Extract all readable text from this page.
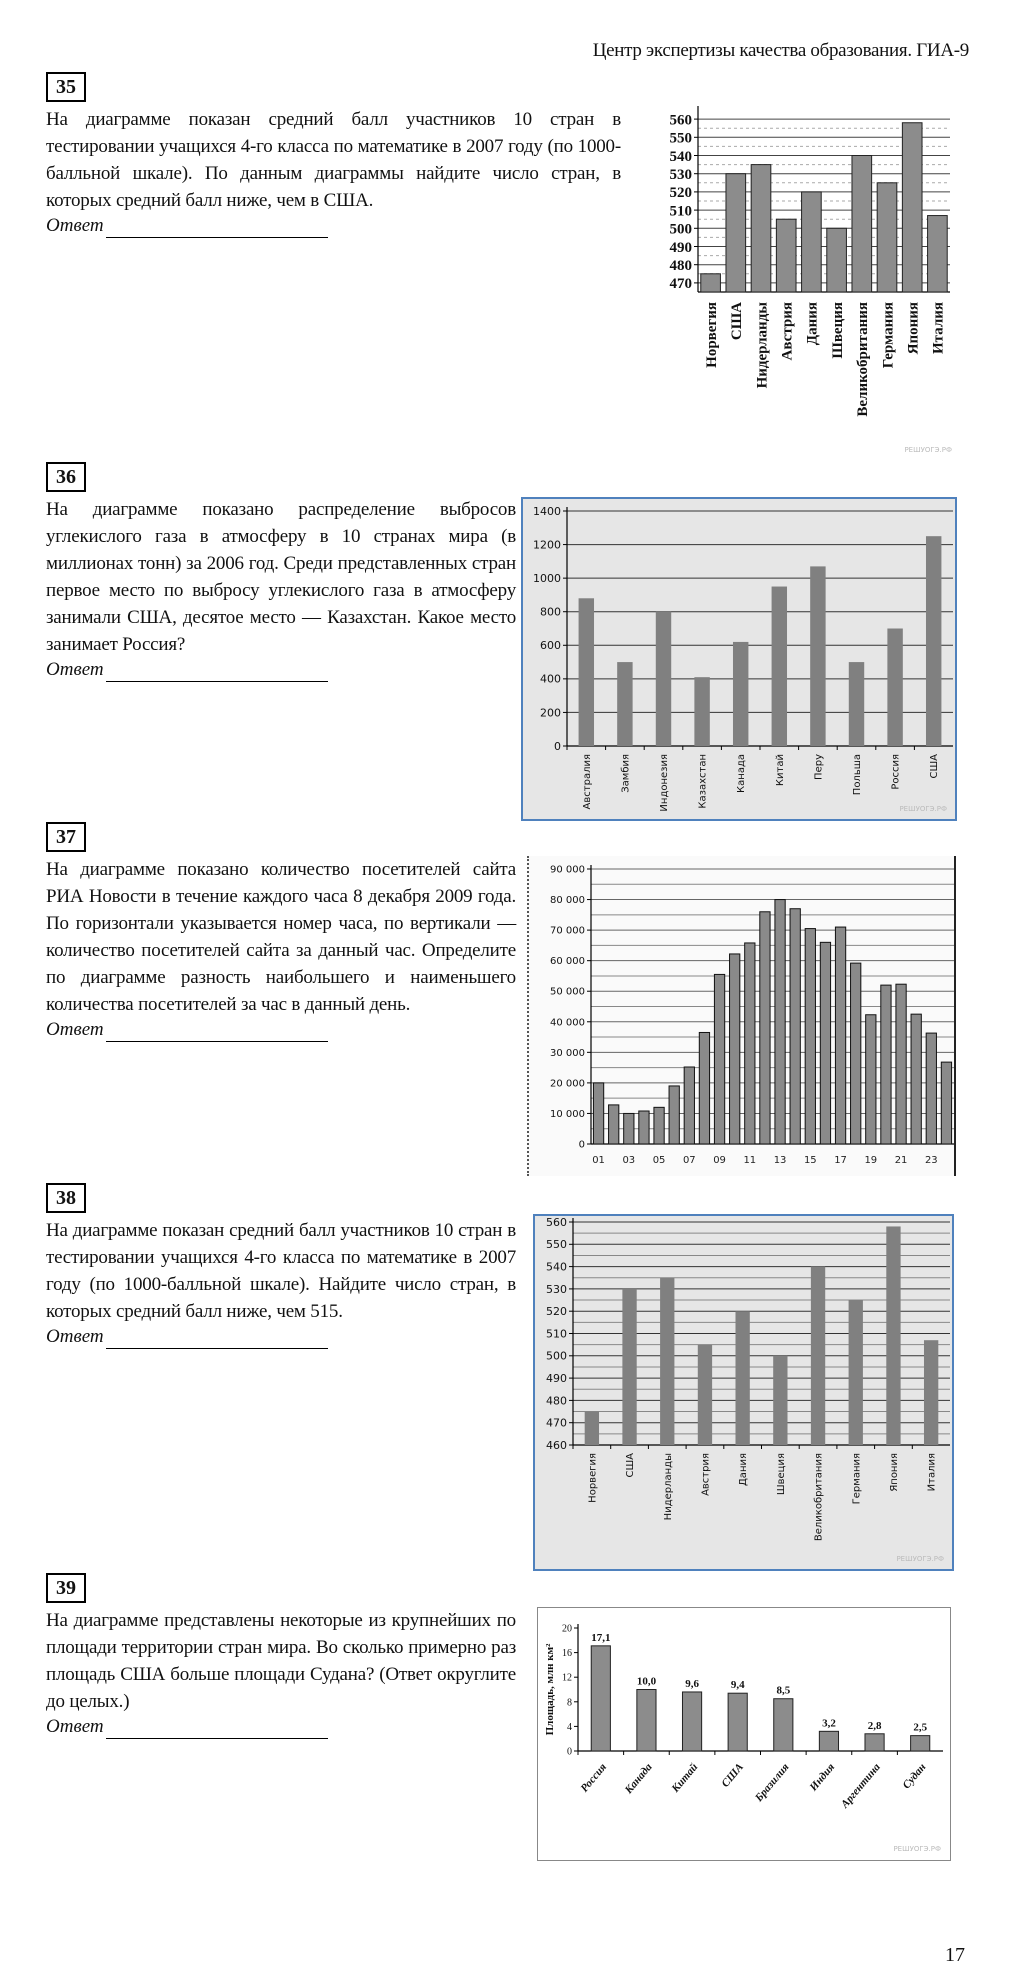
Центр экспертизы качества образования. ГИА-9
35
На диаграмме показан средний балл участников 10 стран в тестировании учащихся 4-го класса по математике в 2007 году (по 1000-балльной шкале). По данным диаграммы найдите число стран, в которых средний балл ниже, чем в США.
Ответ
470
480
490
500
510
520
530
540
550
560
Норвегия США Нидерланды Австрия Дания Швеция Великобритания Германия Япония Италия
РЕШУОГЭ.РФ
36
На диаграмме показано распределение выбросов углекислого газа в атмосферу в 10 странах мира (в миллионах тонн) за 2006 год. Среди представленных стран первое место по выбросу углекислого газа в атмосферу занимали США, десятое место — Казахстан. Какое место занимает Россия?
Ответ
0
200
400
600
800
1000
1200
1400
Австралия	Замбия	Индонезия	Казахстан	Канада	Китай	Перу	Польша	Россия	США
РЕШУОГЭ.РФ
37
На диаграмме показано количество посетителей сайта РИА Новости в течение каждого часа 8 декабря 2009 года. По горизонтали указывается номер часа, по вертикали — количество посетителей сайта за данный час. Определите по диаграмме разность наибольшего и наименьшего количества посетителей за час в данный день.
Ответ
0
10 000
20 000
30 000
40 000
50 000
60 000
70 000
80 000
90 000
01 03 05 07 09 11 13 15 17 19 21 23
38
На диаграмме показан средний балл участников 10 стран в тестировании учащихся 4-го класса по математике в 2007 году (по 1000-балльной шкале). Найдите число стран, в которых средний балл ниже, чем 515.
Ответ
460
470
480
490
500
510
520
530
540
550
560
Норвегия	США	Нидерланды	Австрия	Дания	Швеция	Великобритания	Германия	Япония	Италия
РЕШУОГЭ.РФ
39
На диаграмме представлены некоторые из крупнейших по площади территории стран мира. Во сколько примерно раз площадь США больше площади Судана? (Ответ округлите до целых.)
Ответ
0
4
8
12
16
20
17,1
10,0	9,6	9,4	8,5
3,2	2,8	2,5
Россия Канада Китай США Бразилия Индия Аргентина Судан
Площадь, млн км²
РЕШУОГЭ.РФ
17
